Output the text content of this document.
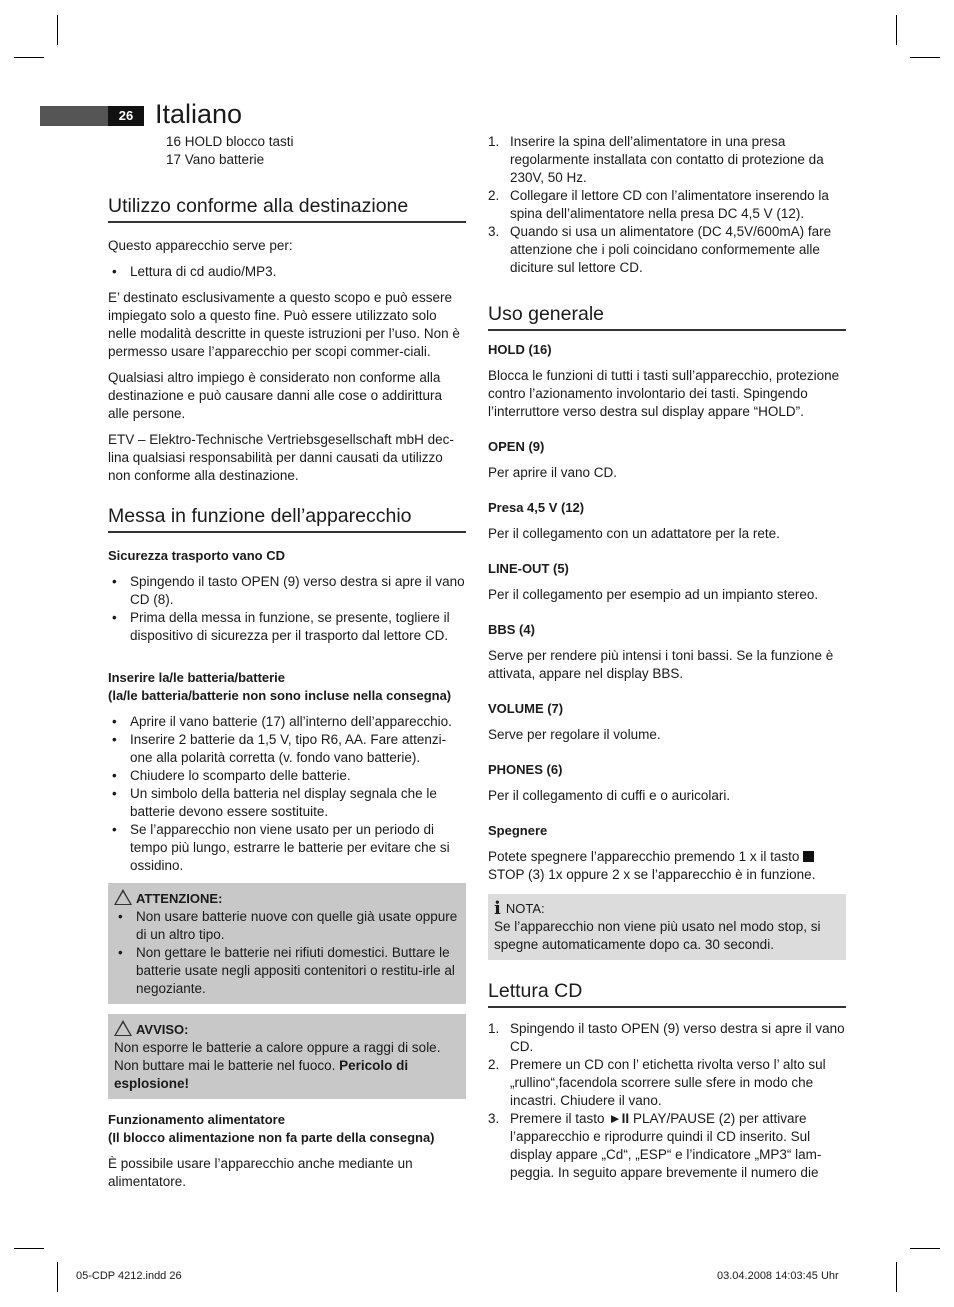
26 Italiano
16 HOLD blocco tasti
17 Vano batterie
Utilizzo conforme alla destinazione

Questo apparecchio serve per:

• Lettura di cd audio/MP3.

E’ destinato esclusivamente a questo scopo e può essere impiegato solo a questo fine. Può essere utilizzato solo nelle modalità descritte in queste istruzioni per l’uso. Non è permesso usare l’apparecchio per scopi commer-ciali.

Qualsiasi altro impiego è considerato non conforme alla destinazione e può causare danni alle cose o addirittura alle persone.

ETV – Elektro-Technische Vertriebsgesellschaft mbH dec-lina qualsiasi responsabilità per danni causati da utilizzo non conforme alla destinazione.

Messa in funzione dell’apparecchio
Sicurezza trasporto vano CD
• Spingendo il tasto OPEN (9) verso destra si apre il vano CD (8).
• Prima della messa in funzione, se presente, togliere il dispositivo di sicurezza per il trasporto dal lettore CD.
Inserire la/le batteria/batterie
(la/le batteria/batterie non sono incluse nella consegna)
• Aprire il vano batterie (17) all’interno dell’apparecchio.
• Inserire 2 batterie da 1,5 V, tipo R6, AA. Fare attenzi-one alla polarità corretta (v. fondo vano batterie).
• Chiudere lo scomparto delle batterie.
• Un simbolo della batteria nel display segnala che le batterie devono essere sostituite.
• Se l’apparecchio non viene usato per un periodo di tempo più lungo, estrarre le batterie per evitare che si ossidino.
ATTENZIONE:
• Non usare batterie nuove con quelle già usate oppure di un altro tipo.
• Non gettare le batterie nei rifiuti domestici. Buttare le batterie usate negli appositi contenitori o restitu-irle al negoziante.
AVVISO:
Non esporre le batterie a calore oppure a raggi di sole. Non buttare mai le batterie nel fuoco. Pericolo di esplosione!
Funzionamento alimentatore
(Il blocco alimentazione non fa parte della consegna)

È possibile usare l’apparecchio anche mediante un alimentatore.

1. Inserire la spina dell’alimentatore in una presa regolarmente installata con contatto di protezione da 230V, 50 Hz.
2. Collegare il lettore CD con l’alimentatore inserendo la spina dell’alimentatore nella presa DC 4,5 V (12).
3. Quando si usa un alimentatore (DC 4,5V/600mA) fare attenzione che i poli coincidano conformemente alle diciture sul lettore CD.
Uso generale
HOLD (16)

Blocca le funzioni di tutti i tasti sull’apparecchio, protezione contro l’azionamento involontario dei tasti. Spingendo l’interruttore verso destra sul display appare “HOLD”.

OPEN (9)

Per aprire il vano CD.

Presa 4,5 V (12)

Per il collegamento con un adattatore per la rete.

LINE-OUT (5)

Per il collegamento per esempio ad un impianto stereo.

BBS (4)

Serve per rendere più intensi i toni bassi. Se la funzione è attivata, appare nel display BBS.

VOLUME (7)

Serve per regolare il volume.

PHONES (6)

Per il collegamento di cuffi e o auricolari.

Spegnere

Potete spegnere l’apparecchio premendo 1 x il tasto
STOP (3) 1x oppure 2 x se l’apparecchio è in funzione.

i NOTA:
Se l’apparecchio non viene più usato nel modo stop, si spegne automaticamente dopo ca. 30 secondi.
Lettura CD
1. Spingendo il tasto OPEN (9) verso destra si apre il vano CD.
2. Premere un CD con l’ etichetta rivolta verso l’ alto sul „rullino“,facendola scorrere sulle sfere in modo che incastri. Chiudere il vano.
3. Premere il tasto ►II PLAY/PAUSE (2) per attivare l’apparecchio e riprodurre quindi il CD inserito. Sul display appare „Cd“, „ESP“ e l’indicatore „MP3“ lam-peggia. In seguito appare brevemente il numero die
05-CDP 4212.indd 26	03.04.2008 14:03:45 Uhr
